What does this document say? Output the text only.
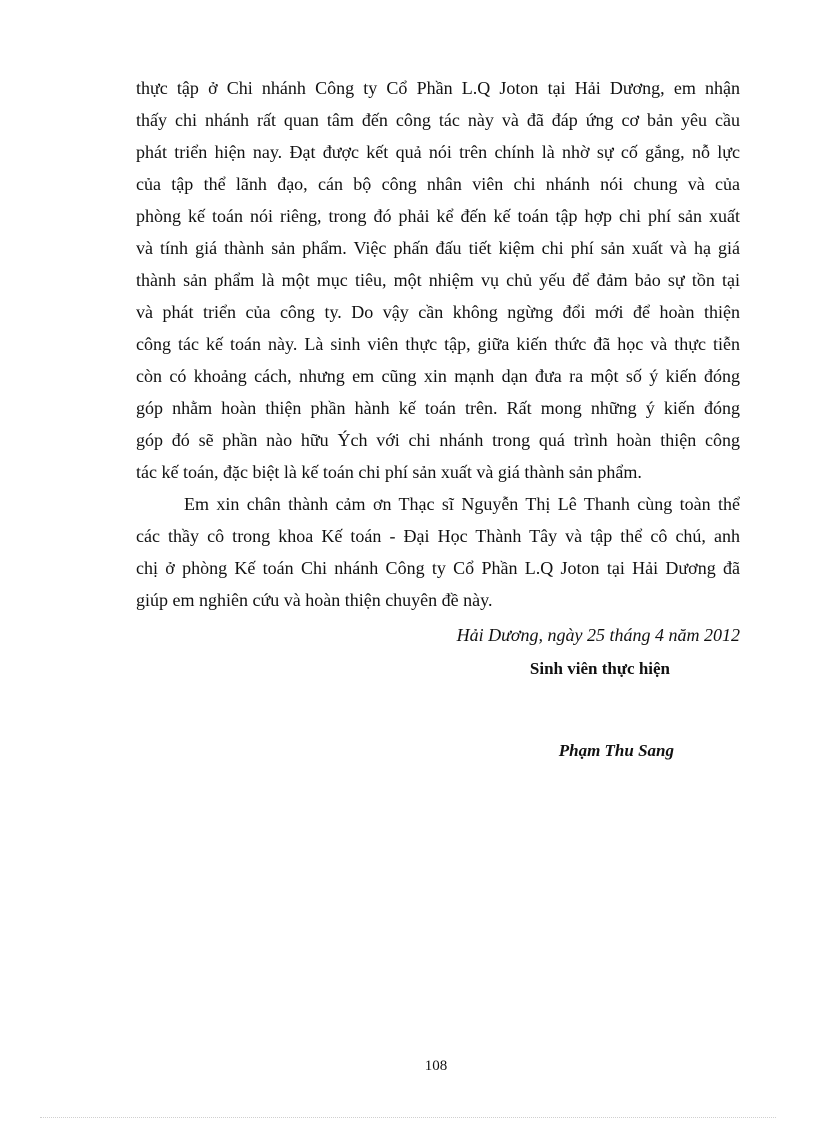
thực tập ở Chi nhánh Công ty Cổ Phần L.Q Joton tại Hải Dương, em nhận
thấy chi nhánh rất quan tâm đến công tác này và đã đáp ứng cơ bản yêu cầu
phát triển hiện nay. Đạt được kết quả nói trên chính là nhờ sự cố gắng, nỗ lực
của tập thể lãnh đạo, cán bộ công nhân viên chi nhánh nói chung và của
phòng kế toán nói riêng, trong đó phải kể đến kế toán tập hợp chi phí sản xuất
và tính giá thành sản phẩm. Việc phấn đấu tiết kiệm chi phí sản xuất và hạ giá
thành sản phẩm là một mục tiêu, một nhiệm vụ chủ yếu để đảm bảo sự tồn tại
và phát triển của công ty. Do vậy cần không ngừng đổi mới để hoàn thiện
công tác kế toán này. Là sinh viên thực tập, giữa kiến thức đã học và thực tiễn
còn có khoảng cách, nhưng em cũng xin mạnh dạn đưa ra một số ý kiến đóng
góp nhằm hoàn thiện phần hành kế toán trên. Rất mong những ý kiến đóng
góp đó sẽ phần nào hữu Ých với chi nhánh trong quá trình hoàn thiện công
tác kế toán, đặc biệt là kế toán chi phí sản xuất và giá thành sản phẩm.
Em xin chân thành cảm ơn Thạc sĩ Nguyễn Thị Lê Thanh cùng toàn thể
các thầy cô trong khoa Kế toán - Đại Học Thành Tây và tập thể cô chú, anh
chị ở phòng Kế toán Chi nhánh Công ty Cổ Phần L.Q Joton tại Hải Dương đã
giúp em nghiên cứu và hoàn thiện chuyên đề này.
Hải Dương, ngày 25 tháng 4 năm 2012
Sinh viên thực hiện
Phạm Thu Sang
108
